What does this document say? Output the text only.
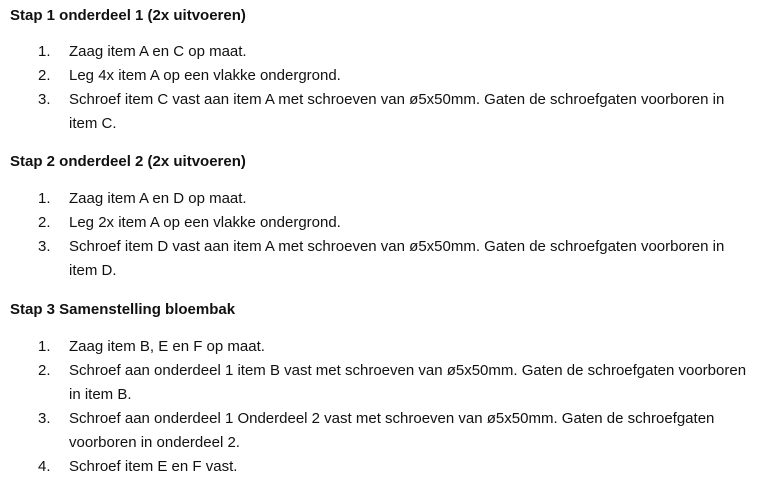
Stap 1 onderdeel 1 (2x uitvoeren)
1.	Zaag item A en C op maat.
2.	Leg 4x item A op een vlakke ondergrond.
3.	Schroef item C vast aan item A met schroeven van ø5x50mm. Gaten de schroefgaten voorboren in item C.
Stap 2 onderdeel 2 (2x uitvoeren)
1.	Zaag item A en D op maat.
2.	Leg 2x item A op een vlakke ondergrond.
3.	Schroef item D vast aan item A met schroeven van ø5x50mm. Gaten de schroefgaten voorboren in item D.
Stap 3 Samenstelling bloembak
1.	Zaag item B, E en F op maat.
2.	Schroef aan onderdeel 1 item B vast met schroeven van ø5x50mm. Gaten de schroefgaten voorboren in item B.
3.	Schroef aan onderdeel 1 Onderdeel 2 vast met schroeven van ø5x50mm. Gaten de schroefgaten voorboren in onderdeel 2.
4.	Schroef item E en F vast.
